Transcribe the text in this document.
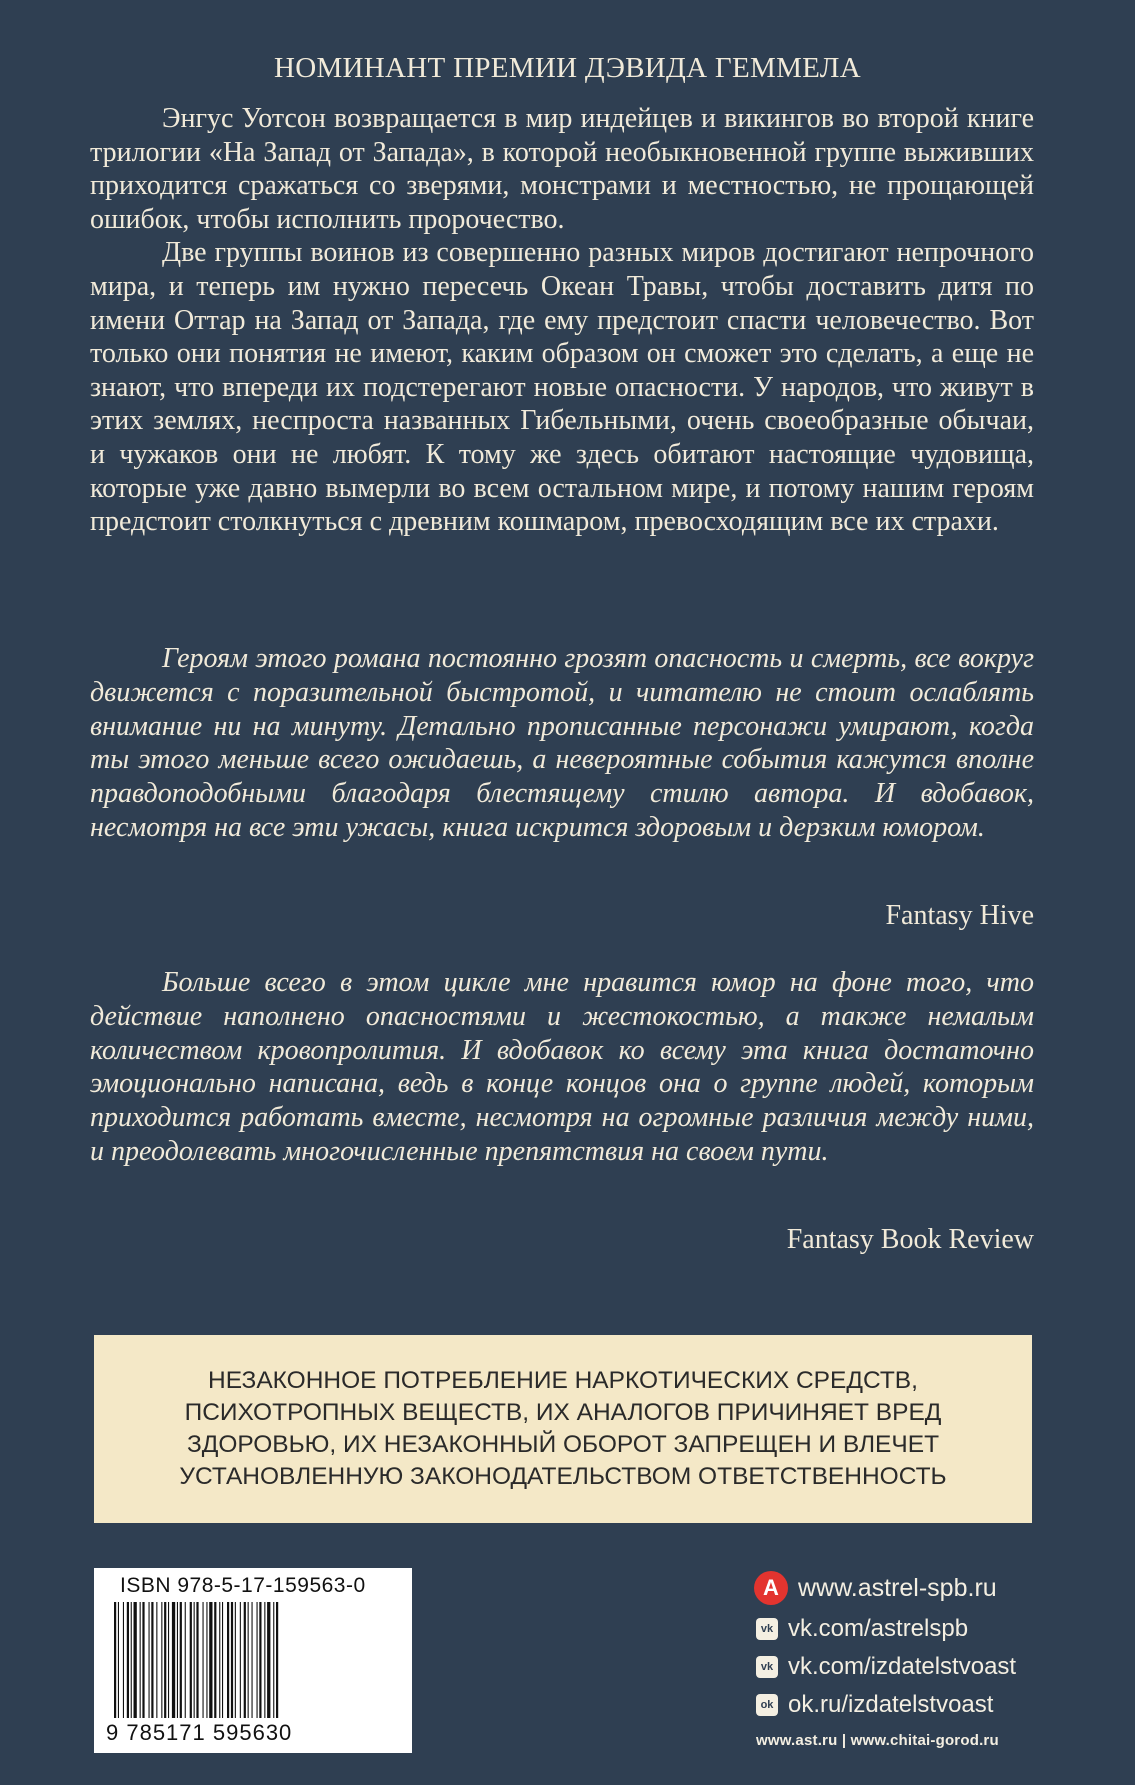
НОМИНАНТ ПРЕМИИ ДЭВИДА ГЕММЕЛА

Энгус Уотсон возвращается в мир индейцев и викингов во второй книге трилогии «На Запад от Запада», в которой необыкновенной группе выживших приходится сражаться со зверями, монстрами и местностью, не прощающей ошибок, чтобы исполнить пророчество.

Две группы воинов из совершенно разных миров достигают непрочного мира, и теперь им нужно пересечь Океан Травы, чтобы доставить дитя по имени Оттар на Запад от Запада, где ему предстоит спасти человечество. Вот только они понятия не имеют, каким образом он сможет это сделать, а еще не знают, что впереди их подстерегают новые опасности. У народов, что живут в этих землях, неспроста названных Гибельными, очень своеобразные обычаи, и чужаков они не любят. К тому же здесь обитают настоящие чудовища, которые уже давно вымерли во всем остальном мире, и потому нашим героям предстоит столкнуться с древним кошмаром, превосходящим все их страхи.

Героям этого романа постоянно грозят опасность и смерть, все вокруг движется с поразительной быстротой, и читателю не стоит ослаблять внимание ни на минуту. Детально прописанные персонажи умирают, когда ты этого меньше всего ожидаешь, а невероятные события кажутся вполне правдоподобными благодаря блестящему стилю автора. И вдобавок, несмотря на все эти ужасы, книга искрится здоровым и дерзким юмором.

Fantasy Hive

Больше всего в этом цикле мне нравится юмор на фоне того, что действие наполнено опасностями и жестокостью, а также немалым количеством кровопролития. И вдобавок ко всему эта книга достаточно эмоционально написана, ведь в конце концов она о группе людей, которым приходится работать вместе, несмотря на огромные различия между ними, и преодолевать многочисленные препятствия на своем пути.

Fantasy Book Review
НЕЗАКОННОЕ ПОТРЕБЛЕНИЕ НАРКОТИЧЕСКИХ СРЕДСТВ, ПСИХОТРОПНЫХ ВЕЩЕСТВ, ИХ АНАЛОГОВ ПРИЧИНЯЕТ ВРЕД ЗДОРОВЬЮ, ИХ НЕЗАКОННЫЙ ОБОРОТ ЗАПРЕЩЕН И ВЛЕЧЕТ УСТАНОВЛЕННУЮ ЗАКОНОДАТЕЛЬСТВОМ ОТВЕТСТВЕННОСТЬ
ISBN 978-5-17-159563-0
9 785171 595630
А www.astrel-spb.ru
vk vk.com/astrelspb
vk vk.com/izdatelstvoast
ok ok.ru/izdatelstvoast
www.ast.ru | www.chitai-gorod.ru
